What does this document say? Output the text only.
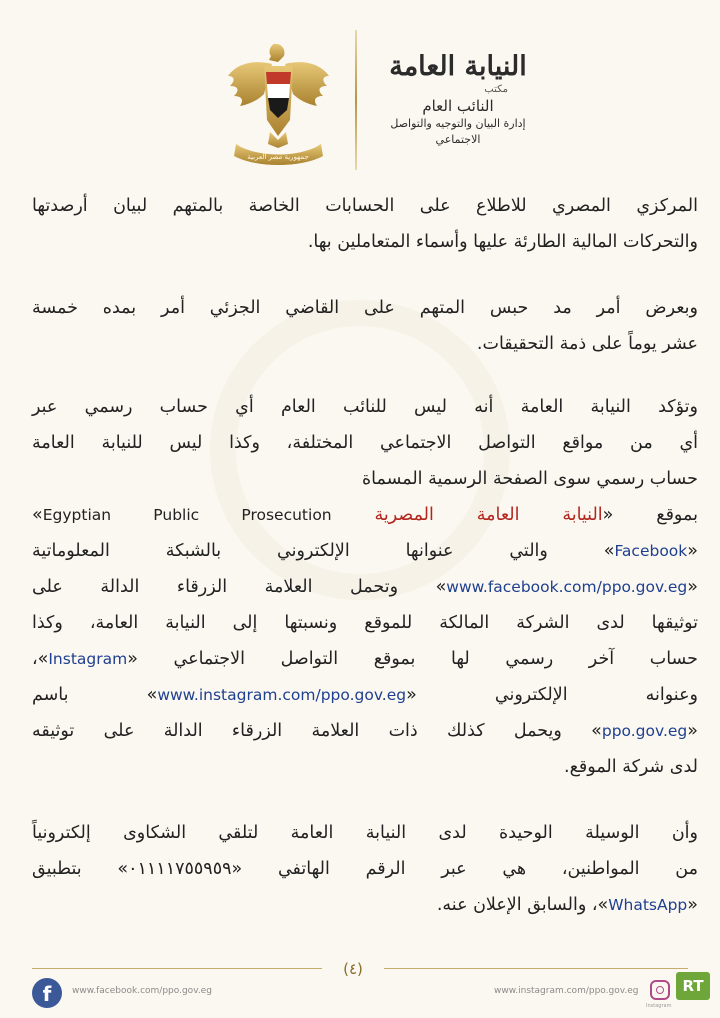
جمهورية مصر العربية
النيابة العامة
مكتب
النائب العام
إدارة البيان والتوجيه والتواصل الاجتماعي
المركزي المصري للاطلاع على الحسابات الخاصة بالمتهم لبيان أرصدتها
والتحركات المالية الطارئة عليها وأسماء المتعاملين بها.
وبعرض أمر مد حبس المتهم على القاضي الجزئي أمر بمده خمسة
عشر يوماً على ذمة التحقيقات.
وتؤكد النيابة العامة أنه ليس للنائب العام أي حساب رسمي عبر
أي من مواقع التواصل الاجتماعي المختلفة، وكذا ليس للنيابة العامة
حساب رسمي سوى الصفحة الرسمية المسماة
بموقع «النيابة العامة المصرية Egyptian Public Prosecution»
«Facebook» والتي عنوانها الإلكتروني بالشبكة المعلوماتية
«www.facebook.com/ppo.gov.eg» وتحمل العلامة الزرقاء الدالة على
توثيقها لدى الشركة المالكة للموقع ونسبتها إلى النيابة العامة، وكذا
حساب آخر رسمي لها بموقع التواصل الاجتماعي «Instagram»،
وعنوانه الإلكتروني «www.instagram.com/ppo.gov.eg» باسم
«ppo.gov.eg» ويحمل كذلك ذات العلامة الزرقاء الدالة على توثيقه
لدى شركة الموقع.
وأن الوسيلة الوحيدة لدى النيابة العامة لتلقي الشكاوى إلكترونياً
من المواطنين، هي عبر الرقم الهاتفي «٠١١١١٧٥٥٩٥٩» بتطبيق
«WhatsApp»، والسابق الإعلان عنه.
(٤)
f	www.facebook.com/ppo.gov.eg	www.instagram.com/ppo.gov.eg
Instagram
RT
